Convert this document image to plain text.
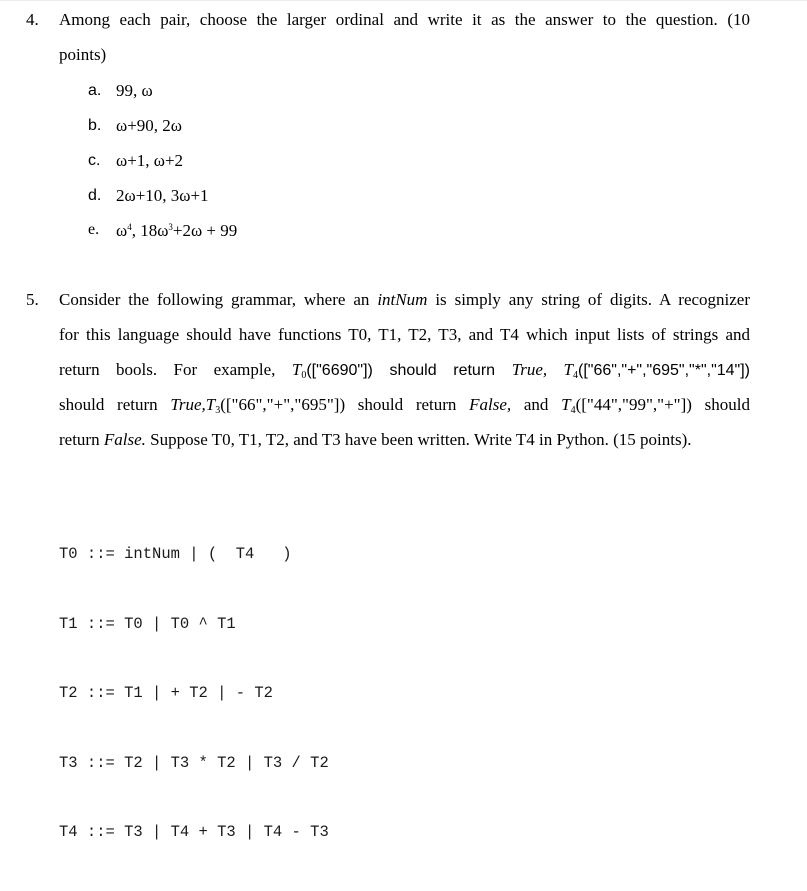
4. Among each pair, choose the larger ordinal and write it as the answer to the question. (10
points)
a. 99, ω
b. ω+90, 2ω
c. ω+1, ω+2
d. 2ω+10, 3ω+1
e. $\omega^4$, $18\omega^3+2\omega + 99$
5. Consider the following grammar, where an intNum is simply any string of digits. A recognizer
for this language should have functions T0, T1, T2, T3, and T4 which input lists of strings and
return bools. For example, $T_0(["6690"])$ should return True, $T_4(["66","+","695","*","14"])$
should return $True,T_3(["66","+","695"])$ should return False, and $T_4(["44","99","+"])$ should
return False. Suppose T0, T1, T2, and T3 have been written. Write T4 in Python. (15 points).

T0 ::= intNum | (  T4   )

T1 ::= T0 | T0 ^ T1

T2 ::= T1 | + T2 | - T2

T3 ::= T2 | T3 * T2 | T3 / T2

T4 ::= T3 | T4 + T3 | T4 - T3
